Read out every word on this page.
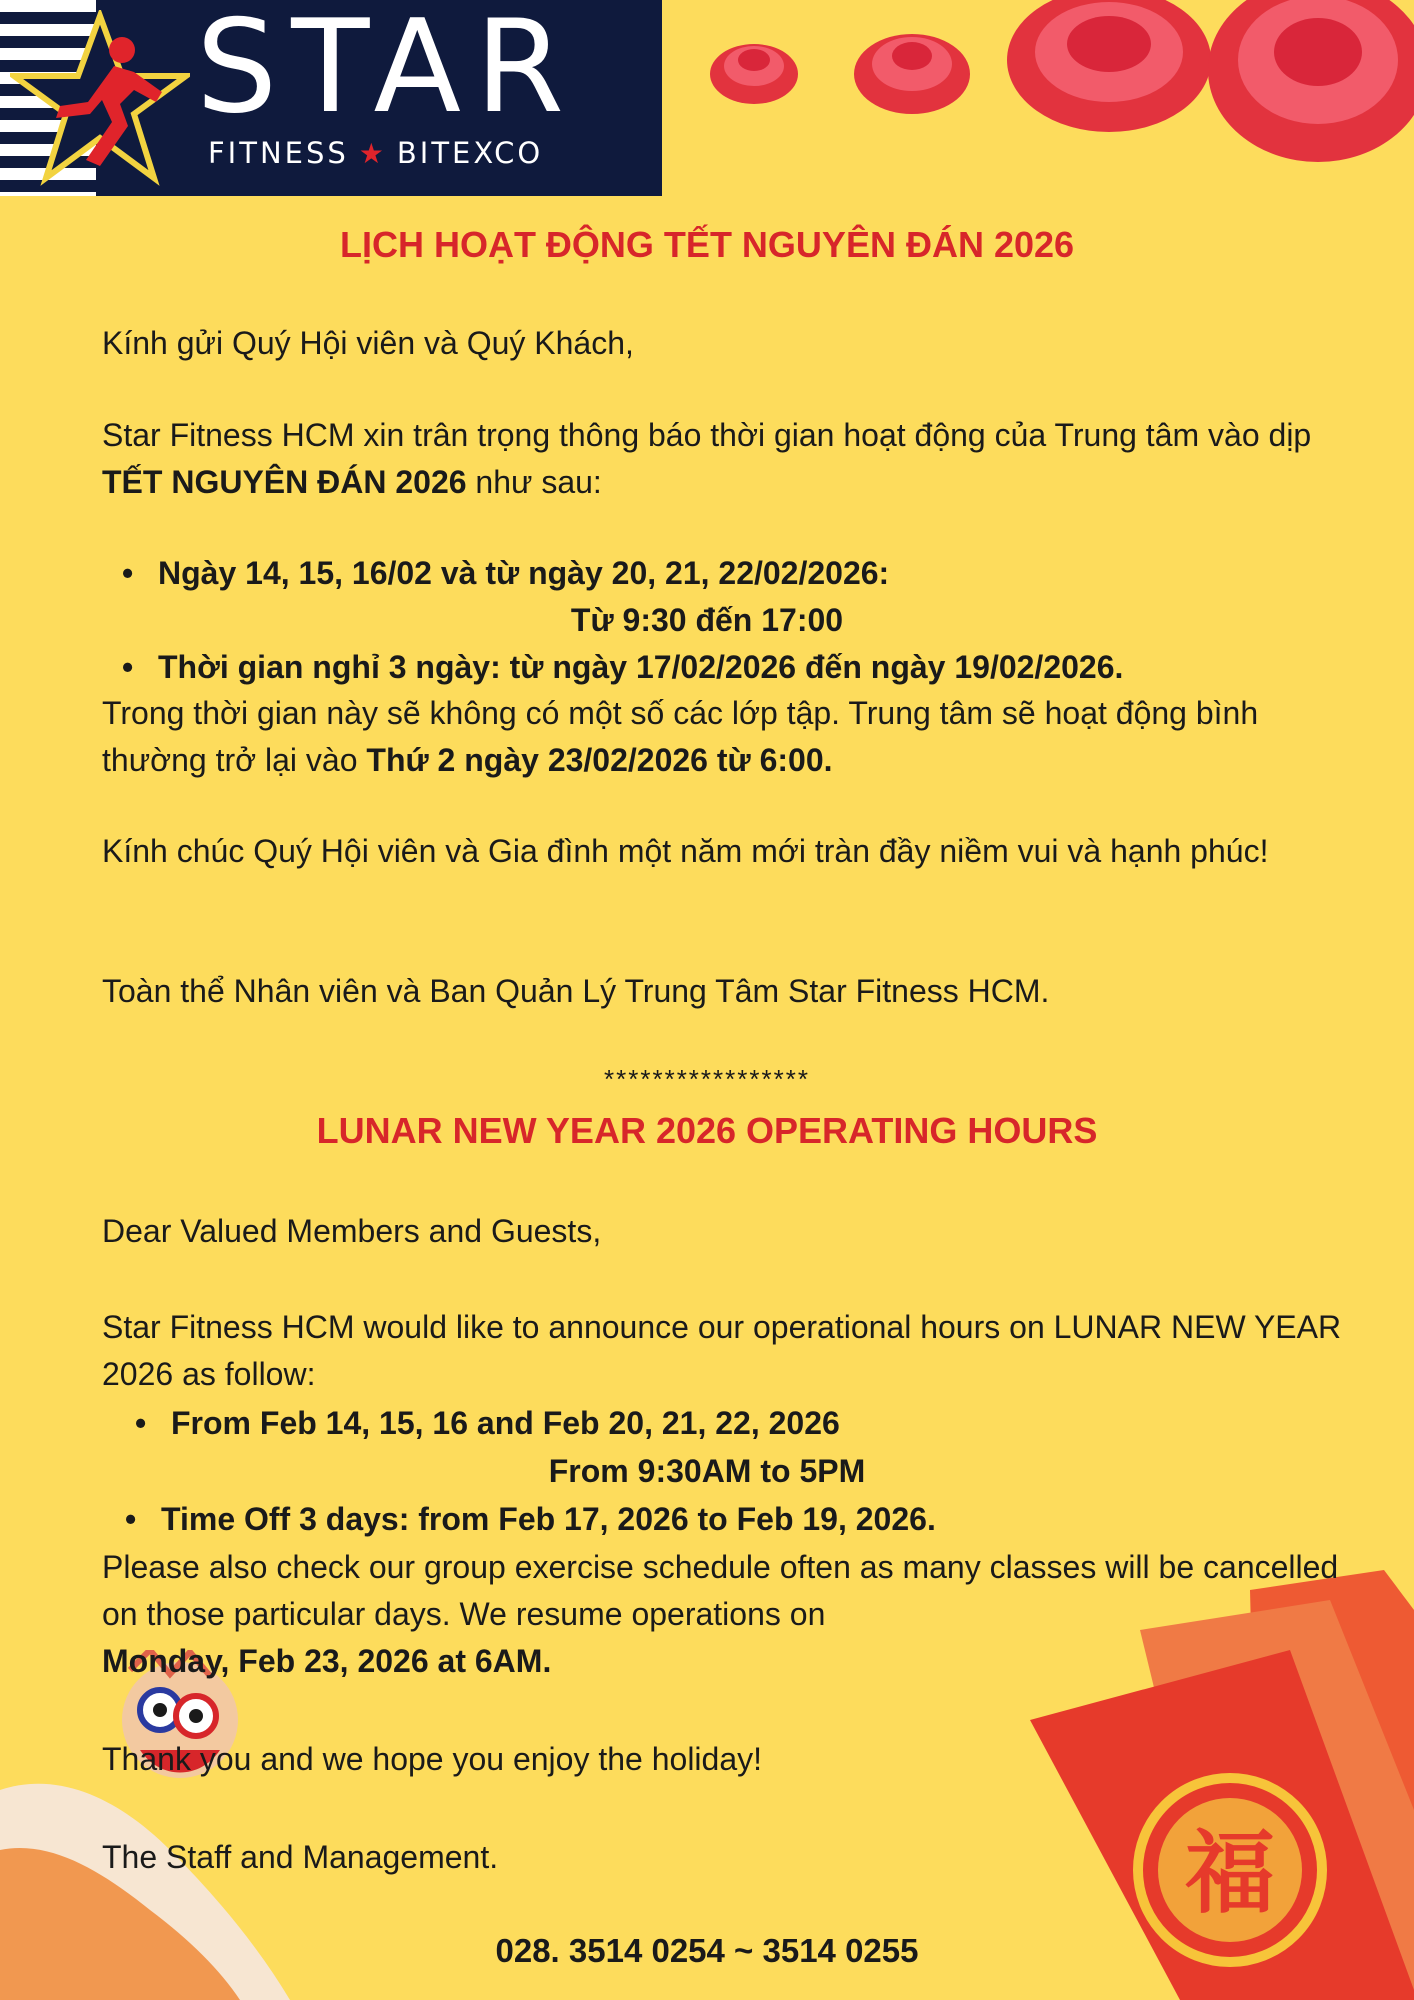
STAR
FITNESS ★ BITEXCO
福
LỊCH HOẠT ĐỘNG TẾT NGUYÊN ĐÁN 2026
Kính gửi Quý Hội viên và Quý Khách,
Star Fitness HCM xin trân trọng thông báo thời gian hoạt động của Trung tâm vào dịp TẾT NGUYÊN ĐÁN 2026 như sau:
• Ngày 14, 15, 16/02 và từ ngày 20, 21, 22/02/2026:
Từ 9:30 đến 17:00
• Thời gian nghỉ 3 ngày: từ ngày 17/02/2026 đến ngày 19/02/2026.
Trong thời gian này sẽ không có một số các lớp tập. Trung tâm sẽ hoạt động bình thường trở lại vào Thứ 2 ngày 23/02/2026 từ 6:00.
Kính chúc Quý Hội viên và Gia đình một năm mới tràn đầy niềm vui và hạnh phúc!
Toàn thể Nhân viên và Ban Quản Lý Trung Tâm Star Fitness HCM.
*****************
LUNAR NEW YEAR 2026 OPERATING HOURS
Dear Valued Members and Guests,
Star Fitness HCM would like to announce our operational hours on LUNAR NEW YEAR 2026 as follow:
• From Feb 14, 15, 16 and Feb 20, 21, 22, 2026
From 9:30AM to 5PM
• Time Off 3 days: from Feb 17, 2026 to Feb 19, 2026.
Please also check our group exercise schedule often as many classes will be cancelled on those particular days. We resume operations on
Monday, Feb 23, 2026 at 6AM.
Thank you and we hope you enjoy the holiday!
The Staff and Management.
028. 3514 0254 ~ 3514 0255
